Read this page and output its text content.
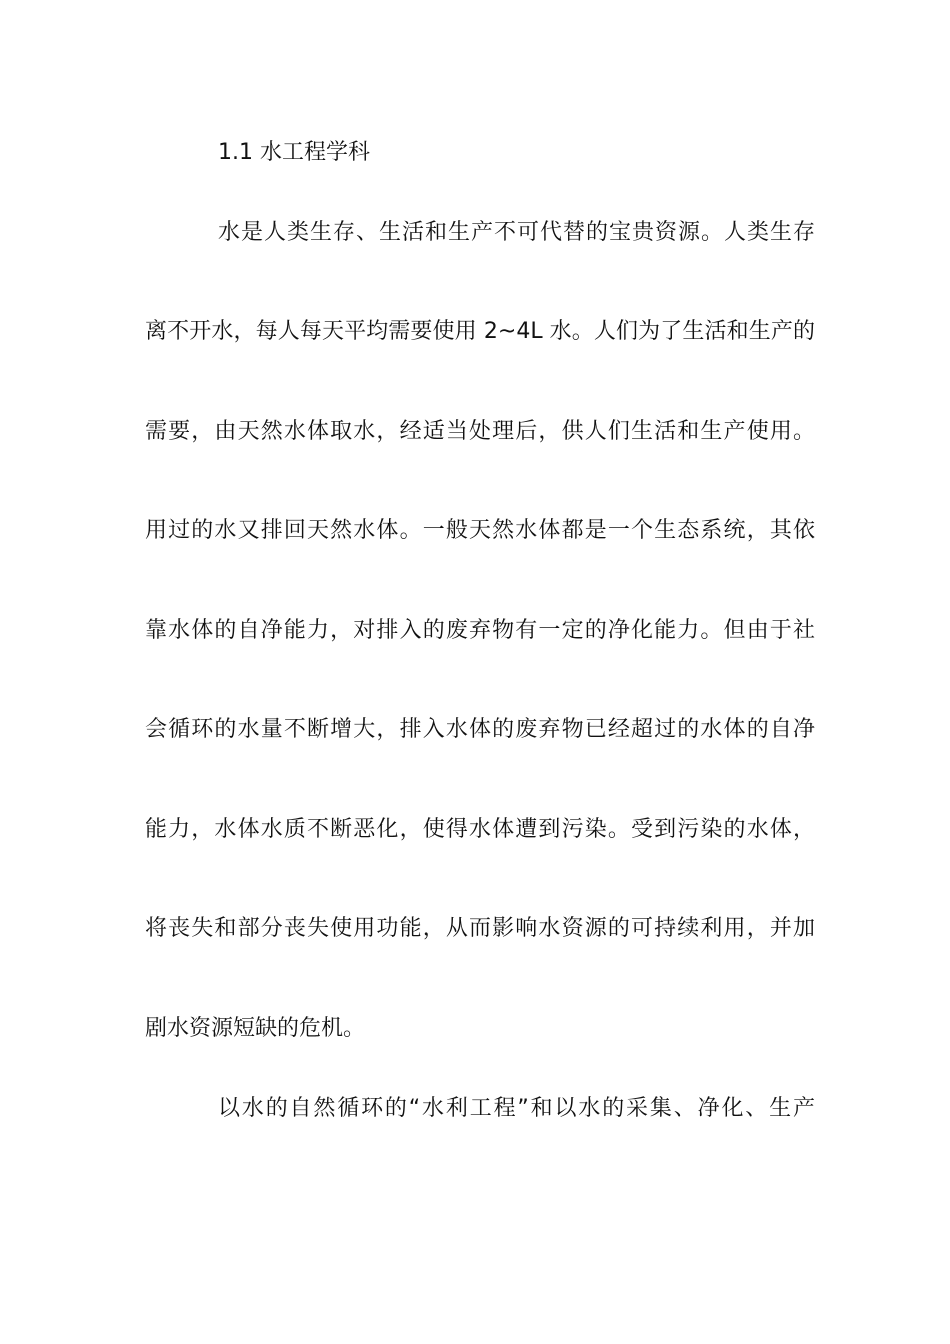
1.1 水工程学科
水是人类生存、生活和生产不可代替的宝贵资源。人类生存
离不开水，每人每天平均需要使用 2~4L 水。人们为了生活和生产的
需要，由天然水体取水，经适当处理后，供人们生活和生产使用。
用过的水又排回天然水体。一般天然水体都是一个生态系统，其依
靠水体的自净能力，对排入的废弃物有一定的净化能力。但由于社
会循环的水量不断增大，排入水体的废弃物已经超过的水体的自净
能力，水体水质不断恶化，使得水体遭到污染。受到污染的水体，
将丧失和部分丧失使用功能，从而影响水资源的可持续利用，并加
剧水资源短缺的危机。
以水的自然循环的“水利工程”和以水的采集、净化、生产
